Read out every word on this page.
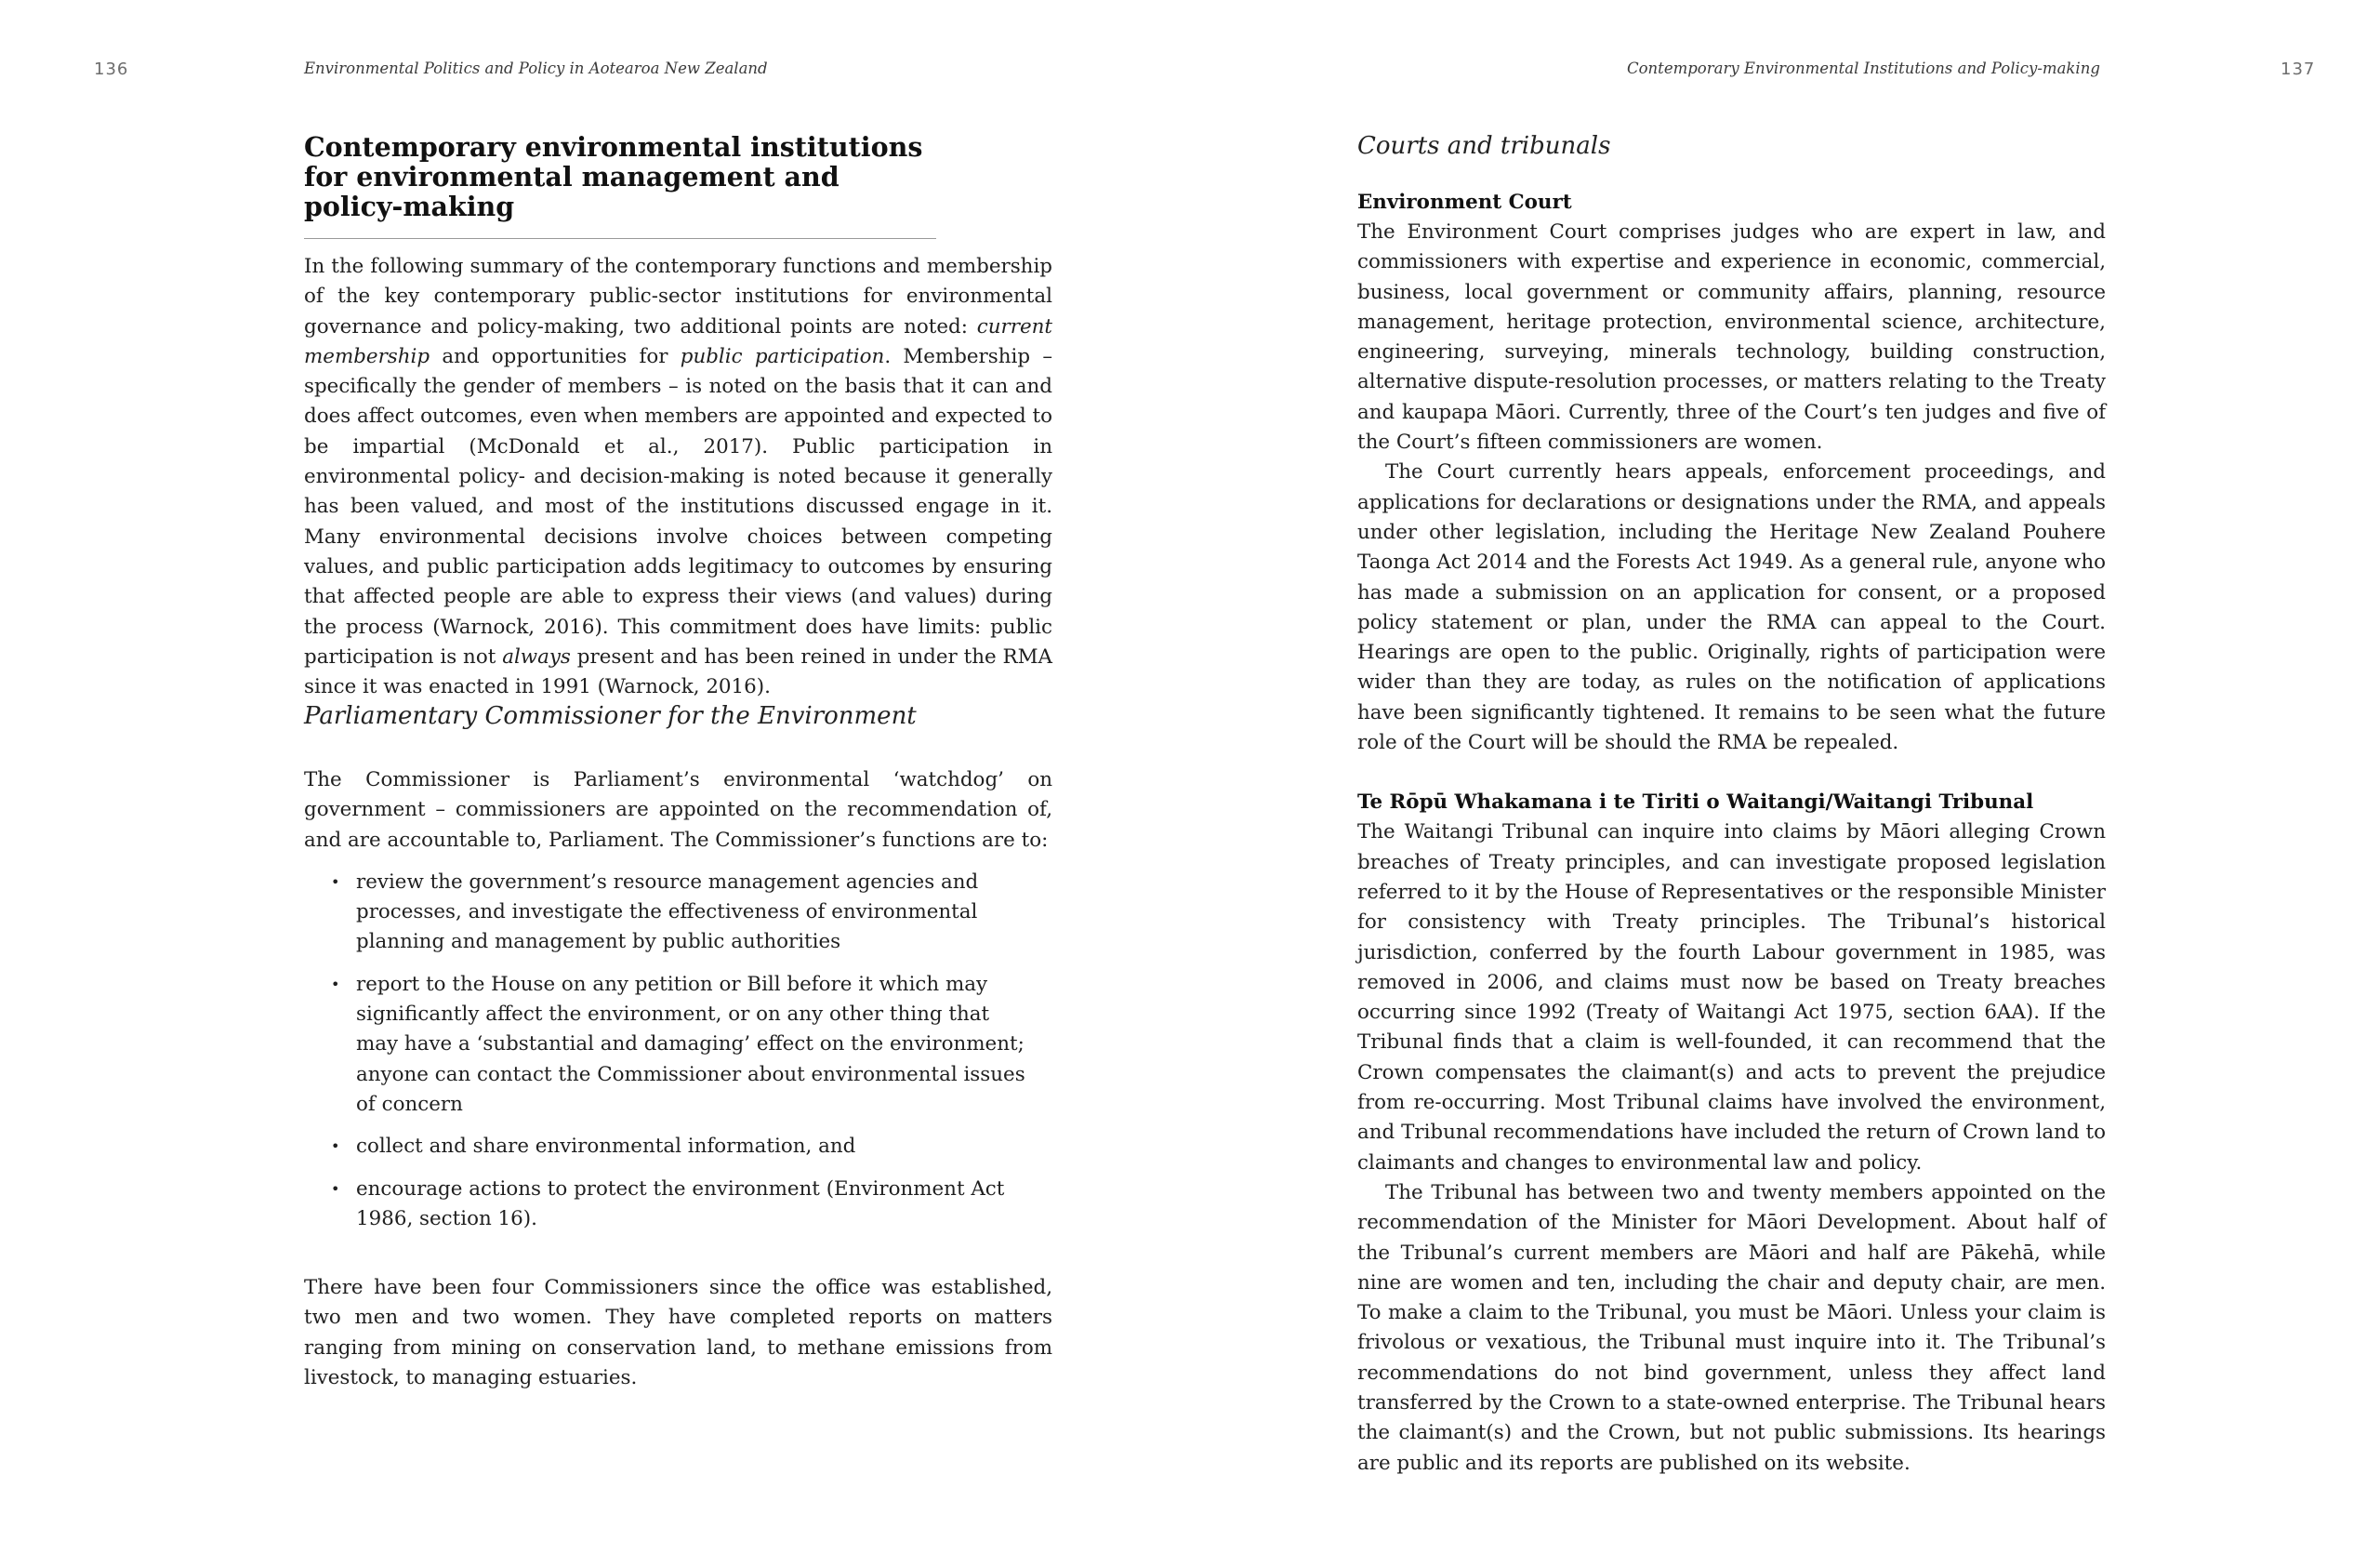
136	Environmental Politics and Policy in Aotearoa New Zealand
Contemporary environmental institutions for environmental management and policy-making

In the following summary of the contemporary functions and membership of the key contemporary public-sector institutions for environmental governance and policy-making, two additional points are noted: current membership and opportunities for public participation. Membership – specifically the gender of members – is noted on the basis that it can and does affect outcomes, even when members are appointed and expected to be impartial (McDonald et al., 2017). Public participation in environmental policy- and decision-making is noted because it generally has been valued, and most of the institutions discussed engage in it. Many environmental decisions involve choices between competing values, and public participation adds legitimacy to outcomes by ensuring that affected people are able to express their views (and values) during the process (Warnock, 2016). This commitment does have limits: public participation is not always present and has been reined in under the RMA since it was enacted in 1991 (Warnock, 2016).

Parliamentary Commissioner for the Environment

The Commissioner is Parliament’s environmental ‘watchdog’ on government – commissioners are appointed on the recommendation of, and are accountable to, Parliament. The Commissioner’s functions are to:

• review the government’s resource management agencies and processes, and investigate the effectiveness of environmental planning and management by public authorities
• report to the House on any petition or Bill before it which may significantly affect the environment, or on any other thing that may have a ‘substantial and damaging’ effect on the environment; anyone can contact the Commissioner about environmental issues of concern
• collect and share environmental information, and
• encourage actions to protect the environment (Environment Act 1986, section 16).

There have been four Commissioners since the office was established, two men and two women. They have completed reports on matters ranging from mining on conservation land, to methane emissions from livestock, to managing estuaries.

Contemporary Environmental Institutions and Policy-making	137
Courts and tribunals
Environment Court

The Environment Court comprises judges who are expert in law, and commissioners with expertise and experience in economic, commercial, business, local government or community affairs, planning, resource management, heritage protection, environmental science, architecture, engineering, surveying, minerals technology, building construction, alternative dispute-resolution processes, or matters relating to the Treaty and kaupapa Māori. Currently, three of the Court’s ten judges and five of the Court’s fifteen commissioners are women.

The Court currently hears appeals, enforcement proceedings, and applications for declarations or designations under the RMA, and appeals under other legislation, including the Heritage New Zealand Pouhere Taonga Act 2014 and the Forests Act 1949. As a general rule, anyone who has made a submission on an application for consent, or a proposed policy statement or plan, under the RMA can appeal to the Court. Hearings are open to the public. Originally, rights of participation were wider than they are today, as rules on the notification of applications have been significantly tightened. It remains to be seen what the future role of the Court will be should the RMA be repealed.

Te Rōpū Whakamana i te Tiriti o Waitangi/Waitangi Tribunal

The Waitangi Tribunal can inquire into claims by Māori alleging Crown breaches of Treaty principles, and can investigate proposed legislation referred to it by the House of Representatives or the responsible Minister for consistency with Treaty principles. The Tribunal’s historical jurisdiction, conferred by the fourth Labour government in 1985, was removed in 2006, and claims must now be based on Treaty breaches occurring since 1992 (Treaty of Waitangi Act 1975, section 6AA). If the Tribunal finds that a claim is well-founded, it can recommend that the Crown compensates the claimant(s) and acts to prevent the prejudice from re-occurring. Most Tribunal claims have involved the environment, and Tribunal recommendations have included the return of Crown land to claimants and changes to environmental law and policy.

The Tribunal has between two and twenty members appointed on the recommendation of the Minister for Māori Development. About half of the Tribunal’s current members are Māori and half are Pākehā, while nine are women and ten, including the chair and deputy chair, are men. To make a claim to the Tribunal, you must be Māori. Unless your claim is frivolous or vexatious, the Tribunal must inquire into it. The Tribunal’s recommendations do not bind government, unless they affect land transferred by the Crown to a state-owned enterprise. The Tribunal hears the claimant(s) and the Crown, but not public submissions. Its hearings are public and its reports are published on its website.
